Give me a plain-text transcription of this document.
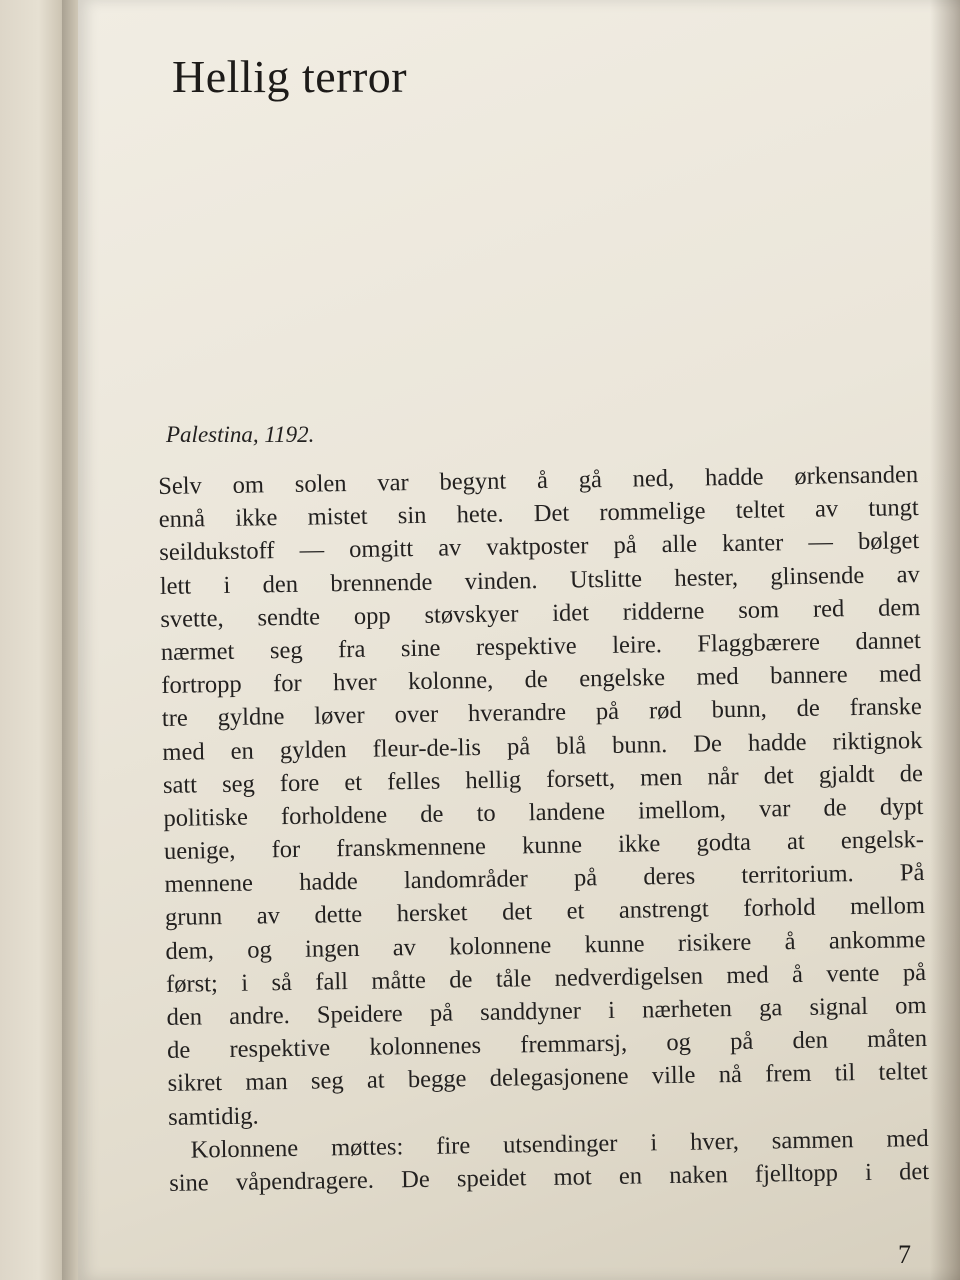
Hellig terror

Palestina, 1192.

Selv om solen var begynt å gå ned, hadde ørkensanden
ennå ikke mistet sin hete. Det rommelige teltet av tungt
seildukstoff — omgitt av vaktposter på alle kanter — bølget
lett i den brennende vinden. Utslitte hester, glinsende av
svette, sendte opp støvskyer idet ridderne som red dem
nærmet seg fra sine respektive leire. Flaggbærere dannet
fortropp for hver kolonne, de engelske med bannere med
tre gyldne løver over hverandre på rød bunn, de franske
med en gylden fleur-de-lis på blå bunn. De hadde riktignok
satt seg fore et felles hellig forsett, men når det gjaldt de
politiske forholdene de to landene imellom, var de dypt
uenige, for franskmennene kunne ikke godta at engelsk-
mennene hadde landområder på deres territorium. På
grunn av dette hersket det et anstrengt forhold mellom
dem, og ingen av kolonnene kunne risikere å ankomme
først; i så fall måtte de tåle nedverdigelsen med å vente på
den andre. Speidere på sanddyner i nærheten ga signal om
de respektive kolonnenes fremmarsj, og på den måten
sikret man seg at begge delegasjonene ville nå frem til teltet
samtidig.
Kolonnene møttes: fire utsendinger i hver, sammen med
sine våpendragere. De speidet mot en naken fjelltopp i det

7
